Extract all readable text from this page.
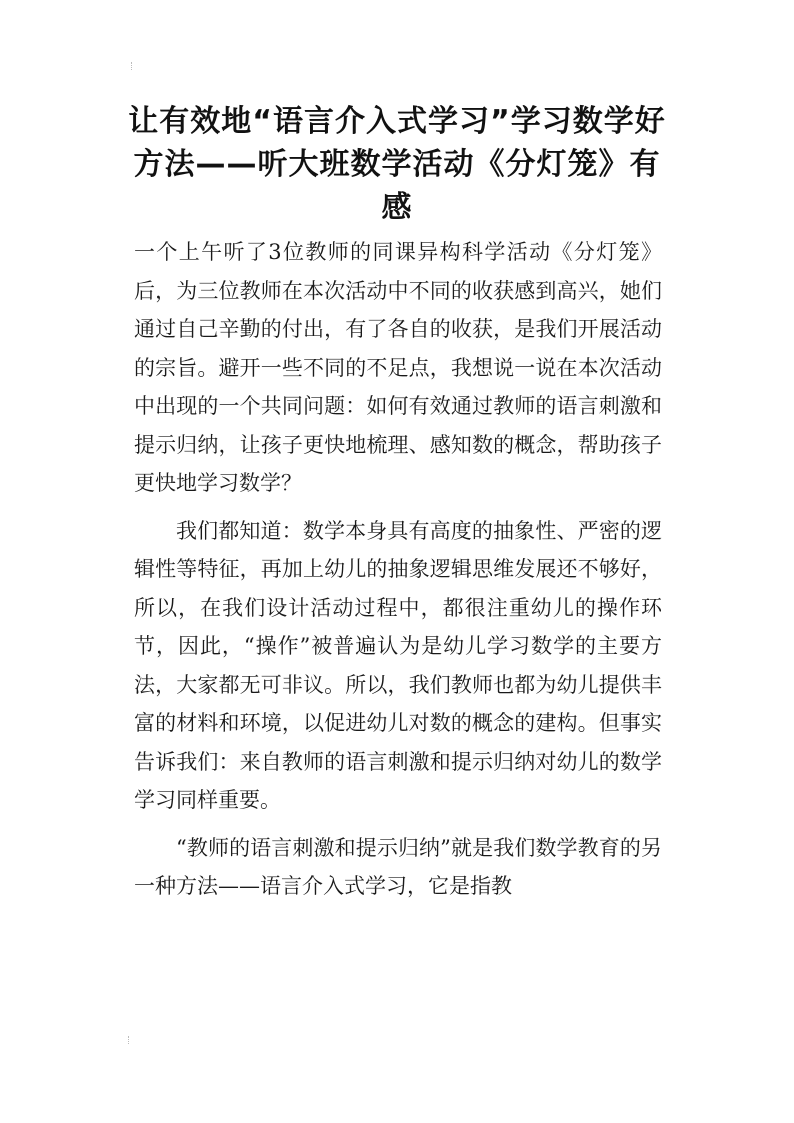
让有效地“语言介入式学习”学习数学好方法——听大班数学活动《分灯笼》有感

一个上午听了3位教师的同课异构科学活动《分灯笼》后，为三位教师在本次活动中不同的收获感到高兴，她们通过自己辛勤的付出，有了各自的收获，是我们开展活动的宗旨。避开一些不同的不足点，我想说一说在本次活动中出现的一个共同问题：如何有效通过教师的语言刺激和提示归纳，让孩子更快地梳理、感知数的概念，帮助孩子更快地学习数学？

我们都知道：数学本身具有高度的抽象性、严密的逻辑性等特征，再加上幼儿的抽象逻辑思维发展还不够好，所以，在我们设计活动过程中，都很注重幼儿的操作环节，因此，“操作”被普遍认为是幼儿学习数学的主要方法，大家都无可非议。所以，我们教师也都为幼儿提供丰富的材料和环境，以促进幼儿对数的概念的建构。但事实告诉我们：来自教师的语言刺激和提示归纳对幼儿的数学学习同样重要。

“教师的语言刺激和提示归纳”就是我们数学教育的另一种方法——语言介入式学习，它是指教
